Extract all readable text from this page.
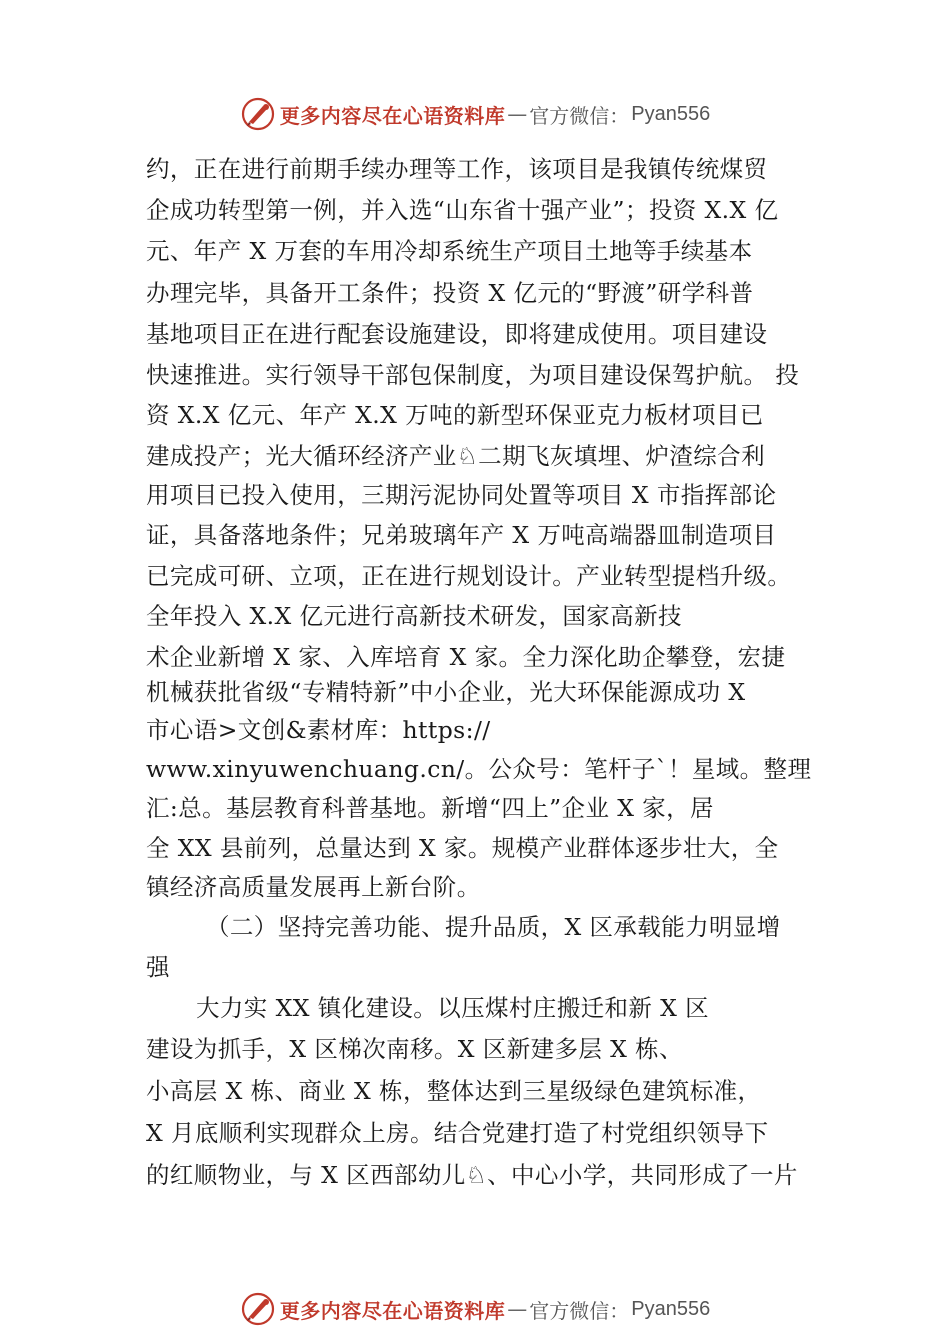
更多内容尽在心语资料库 — 官方微信： Pyan556
约，正在进行前期手续办理等工作，该项目是我镇传统煤贸
企成功转型第一例，并入选“山东省十强产业”；投资 X.X 亿
元、年产 X 万套的车用冷却系统生产项目土地等手续基本
办理完毕，具备开工条件；投资 X 亿元的“野渡”研学科普
基地项目正在进行配套设施建设，即将建成使用。项目建设
快速推进。实行领导干部包保制度，为项目建设保驾护航。 投
资 X.X 亿元、年产 X.X 万吨的新型环保亚克力板材项目已
建成投产；光大循环经济产业♘二期飞灰填埋、炉渣综合利
用项目已投入使用，三期污泥协同处置等项目 X 市指挥部论
证，具备落地条件；兄弟玻璃年产 X 万吨高端器皿制造项目
已完成可研、立项，正在进行规划设计。产业转型提档升级。
全年投入 X.X 亿元进行高新技术研发，国家高新技
术企业新增 X 家、入库培育 X 家。全力深化助企攀登，宏捷
机械获批省级“专精特新”中小企业，光大环保能源成功 X
市心语>文创&素材库：https://
www.xinyuwenchuang.cn/。公众号：笔杆子`！星域。整理
汇:总。基层教育科普基地。新增“四上”企业 X 家，居
全 XX 县前列，总量达到 X 家。规模产业群体逐步壮大，全
镇经济高质量发展再上新台阶。
（二）坚持完善功能、提升品质，X 区承载能力明显增
强
大力实 XX 镇化建设。以压煤村庄搬迁和新 X 区
建设为抓手，X 区梯次南移。X 区新建多层 X 栋、
小高层 X 栋、商业 X 栋，整体达到三星级绿色建筑标准，
X 月底顺利实现群众上房。结合党建打造了村党组织领导下
的红顺物业，与 X 区西部幼儿♘、中心小学，共同形成了一片
更多内容尽在心语资料库 — 官方微信： Pyan556
